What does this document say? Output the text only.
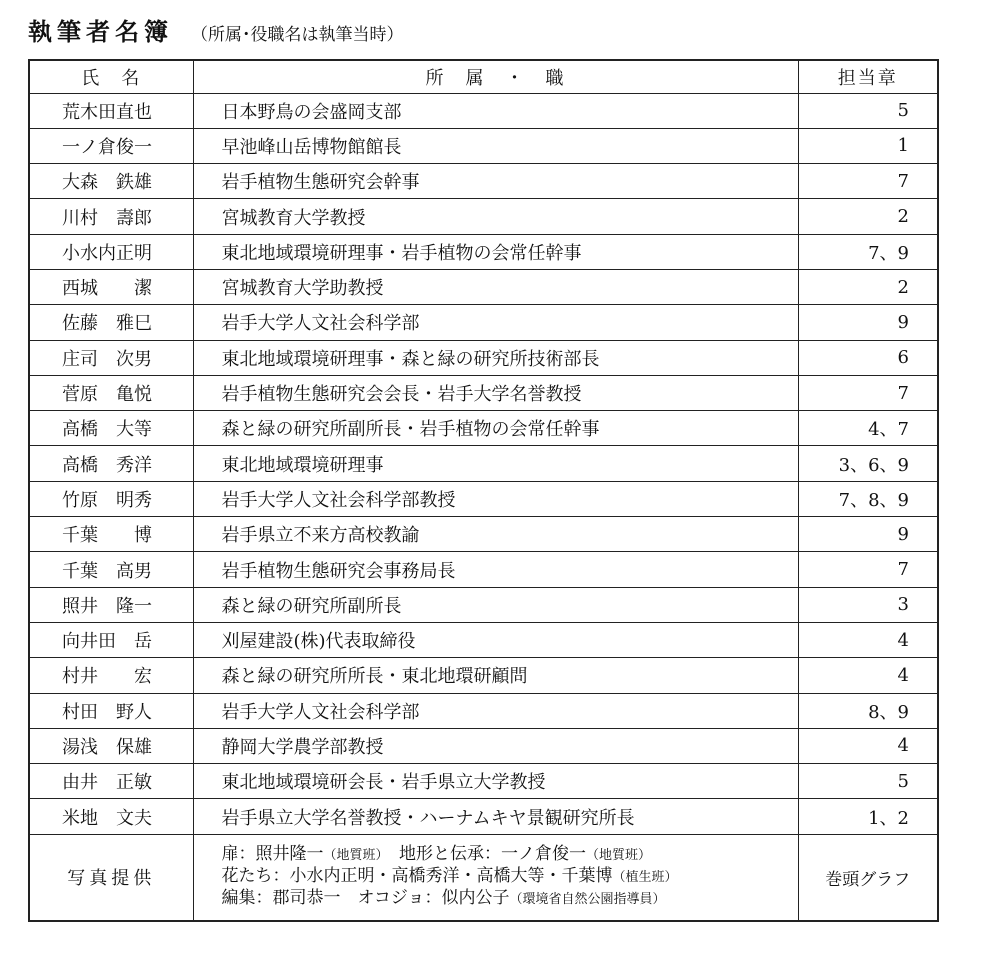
執筆者名簿 （所属･役職名は執筆当時）
氏　名	所　属　・　職	担当章
荒木田直也	日本野鳥の会盛岡支部	5
一ノ倉俊一	早池峰山岳博物館館長	1
大森　鉄雄	岩手植物生態研究会幹事	7
川村　壽郎	宮城教育大学教授	2
小水内正明	東北地域環境研理事・岩手植物の会常任幹事	7、9
西城　　潔	宮城教育大学助教授	2
佐藤　雅巳	岩手大学人文社会科学部	9
庄司　次男	東北地域環境研理事・森と緑の研究所技術部長	6
菅原　亀悦	岩手植物生態研究会会長・岩手大学名誉教授	7
高橋　大等	森と緑の研究所副所長・岩手植物の会常任幹事	4、7
高橋　秀洋	東北地域環境研理事	3、6、9
竹原　明秀	岩手大学人文社会科学部教授	7、8、9
千葉　　博	岩手県立不来方高校教諭	9
千葉　高男	岩手植物生態研究会事務局長	7
照井　隆一	森と緑の研究所副所長	3
向井田　岳	刈屋建設(株)代表取締役	4
村井　　宏	森と緑の研究所所長・東北地環研顧問	4
村田　野人	岩手大学人文社会科学部	8、9
湯浅　保雄	静岡大学農学部教授	4
由井　正敏	東北地域環境研会長・岩手県立大学教授	5
米地　文夫	岩手県立大学名誉教授・ハーナムキヤ景観研究所長	1、2
写真提供	扉：照井隆一（地質班）　地形と伝承：一ノ倉俊一（地質班）
花たち：小水内正明・高橋秀洋・高橋大等・千葉博（植生班）
編集：郡司恭一　オコジョ：似内公子（環境省自然公園指導員）	巻頭グラフ
